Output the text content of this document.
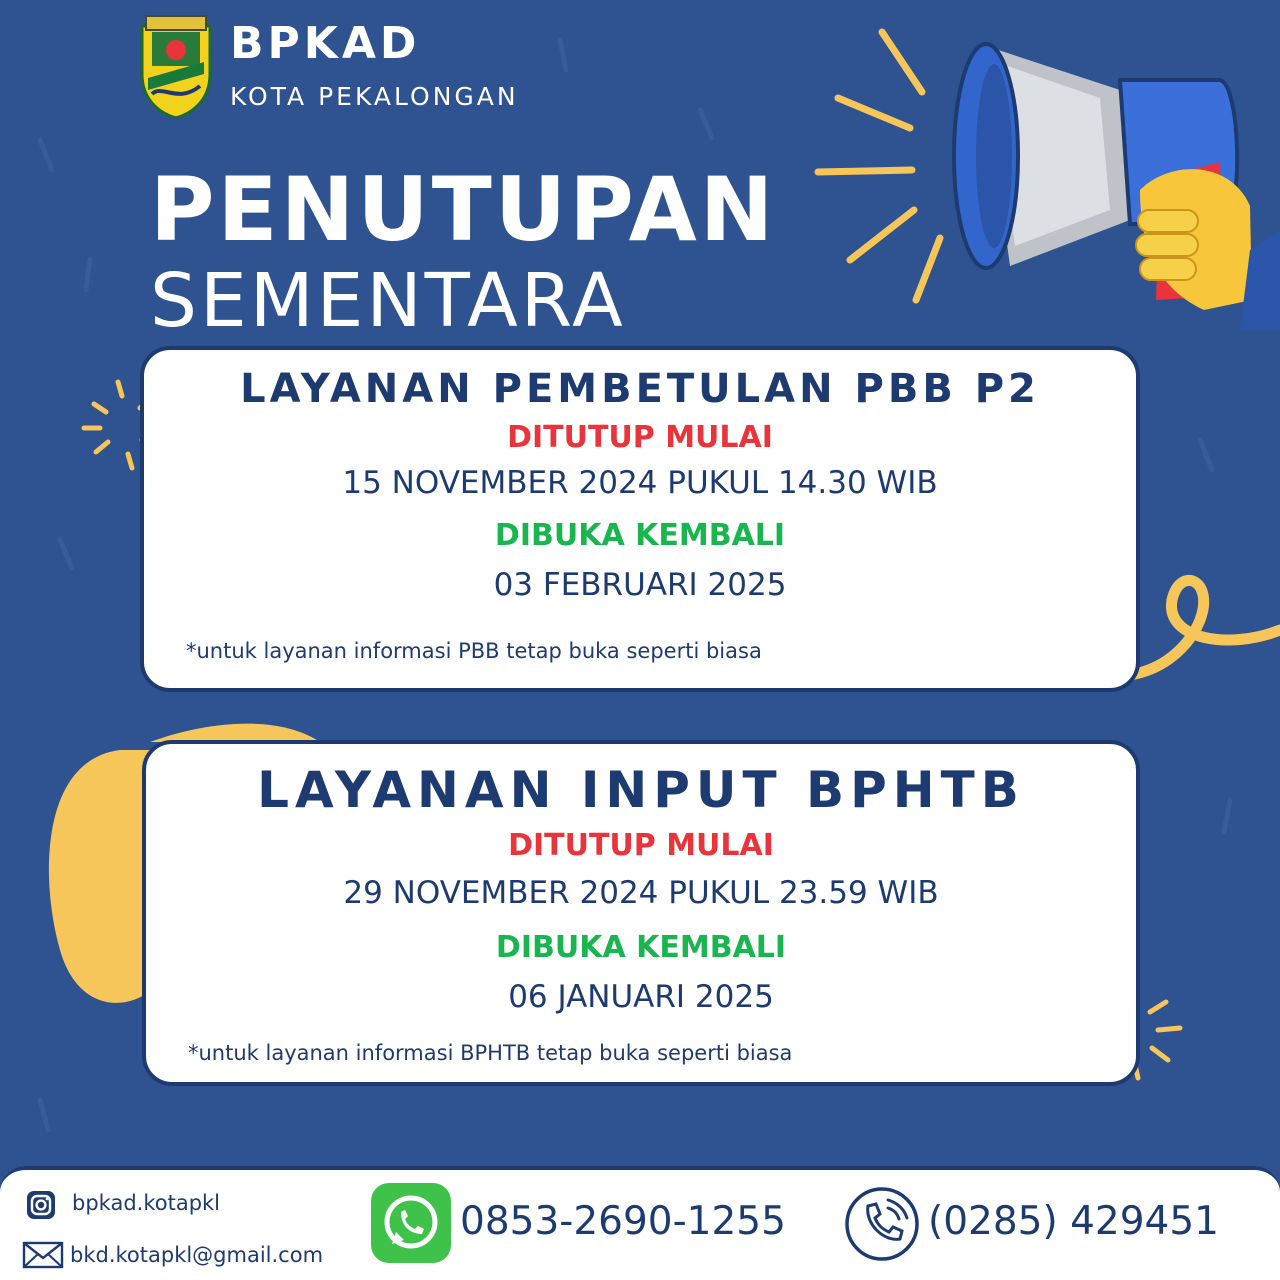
BPKAD
KOTA PEKALONGAN
PENUTUPAN
SEMENTARA
LAYANAN PEMBETULAN PBB P2
DITUTUP MULAI
15 NOVEMBER 2024 PUKUL 14.30 WIB
DIBUKA KEMBALI
03 FEBRUARI 2025
*untuk layanan informasi PBB tetap buka seperti biasa
LAYANAN INPUT BPHTB
DITUTUP MULAI
29 NOVEMBER 2024 PUKUL 23.59 WIB
DIBUKA KEMBALI
06 JANUARI 2025
*untuk layanan informasi BPHTB tetap buka seperti biasa
bpkad.kotapkl
bkd.kotapkl@gmail.com
0853-2690-1255	(0285) 429451
